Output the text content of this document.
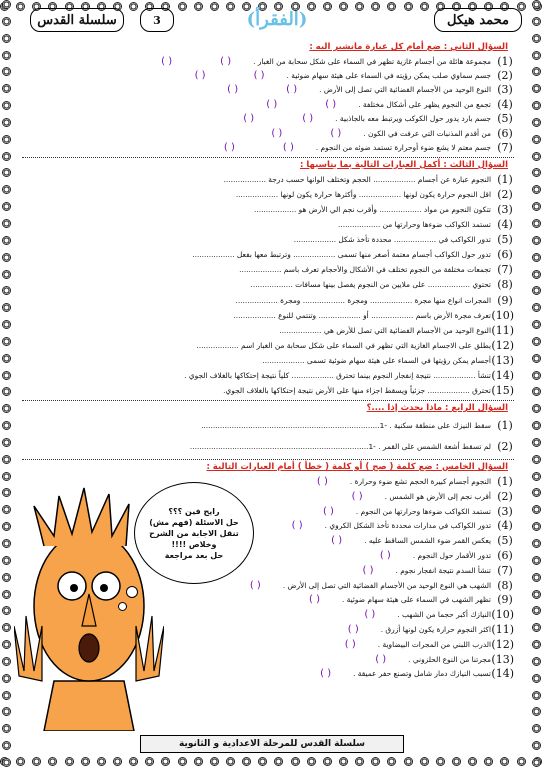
محمد هيكل
(الفقرأ)
3
سلسلة القدس
السؤال الثاني : ضع أمام كل عبارة مانشير اليه :
(1)
مجموعة هائلة من أجسام غازية تظهر في السماء على شكل سحابة من الغبار .
( )
( )
(2)
جسم سماوي صلب يمكن رؤيته في السماء على هيئة سهام ضوئية .
( )
( )
(3)
النوع الوحيد من الأجسام الفضائية التي تصل إلى الأرض .
( )
( )
(4)
تجمع من النجوم يظهر على أشكال مختلفة .
( )
( )
(5)
جسم بارد يدور حول الكوكب ويرتبط معه بالجاذبية .
( )
( )
(6)
من أقدم المذنبات التي عرفت في الكون .
( )
( )
(7)
جسم معتم لا يشع ضوء أوحرارة تستمد ضوئه من النجوم .
( )
( )
السؤال الثالث : أكمل العبارات التالية بما يناسبها :
(1)
النجوم عبارة عن أجسام .................. الحجم وتختلف الوانها حسب درجة ..................
(2)
اقل النجوم حرارة يكون لونها .................. وأكثرها حرارة يكون لونها ..................
(3)
تتكون النجوم من مواد .................. وأقرب نجم الي الأرض هو ..................
(4)
تستمد الكواكب ضوءها وحرارتها من ..................
(5)
تدور الكواكب في .................. محددة تأخذ شكل ..................
(6)
تدور حول الكواكب أجسام معتمة أصغر منها تسمى .................. وترتبط معها بفعل ..................
(7)
تجمعات مختلفة من النجوم تختلف في الأشكال والأحجام تعرف باسم ..................
(8)
تحتوي .................. على ملايين من النجوم يفصل بينها مسافات ..................
(9)
المجرات انواع منها مجرة .................. ومجرة .................. ومجرة ..................
(10)
تعرف مجرة الأرض باسم .................. أو .................. وتنتمي للنوع ..................
(11)
النوع الوحيد من الأجسام الفضائية التي تصل للأرض هي ..................
(12)
يطلق على الاجسام الغازية التي تظهر في السماء على شكل سحابة من الغبار اسم ..................
(13)
أجسام يمكن رؤيتها في السماء على هيئة سهام ضوئية تسمى ..................
(14)
تنشأ .................. نتيجة إنفجار النجوم بينما تحترق .................. كلياً نتيجة إحتكاكها بالغلاف الجوي .
(15)
تحترق .................. جزئياً ويسقط اجزاء منها على الأرض نتيجة إحتكاكها بالغلاف الجوي.
السؤال الرابع : ماذا يحدث إذا ....؟
(1)
سقط النيزك على منطقة سكنية . -1............................................................................
(2)
لم تسقط أشعة الشمس على القمر . -1............................................................................
السؤال الخامس : ضع كلمة ( صح ) أو كلمة ( خطأ ) أمام العبارات التالية :
(1)
النجوم أجسام كبيرة الحجم تشع ضوء وحرارة .
( )
(2)
أقرب نجم إلى الأرض هو الشمس .
( )
(3)
تستمد الكواكب ضوءها وحرارتها من النجوم .
( )
(4)
تدور الكواكب في مدارات محددة تأخذ الشكل الكروي .
( )
(5)
يعكس القمر ضوء الشمس الساقط عليه .
( )
(6)
تدور الأقمار حول النجوم .
( )
(7)
تنشأ السدم نتيجة انفجار نجوم .
( )
(8)
الشهب هي النوع الوحيد من الأجسام الفضائية التي تصل إلى الأرض .
( )
(9)
تظهر الشهب في السماء على هيئة سهام ضوئية .
( )
(10)
النيازك أكبر حجما من الشهب .
( )
(11)
اكثر النجوم حرارة يكون لونها أزرق .
( )
(12)
الدرب اللبني من المجرات البيضاوية .
( )
(13)
مجرتنا من النوع الحلزوني .
( )
(14)
تسبب النيازك دمار شامل وتصنع حفر عميقة .
( )
رايح فين ؟؟؟
حل الاسئلة (فهم مش)
تنقل الاجابة من الشرح
وخلاص !!!!
حل بعد مراجعة
سلسلة القدس للمرحلة الاعدادية و الثانوية
